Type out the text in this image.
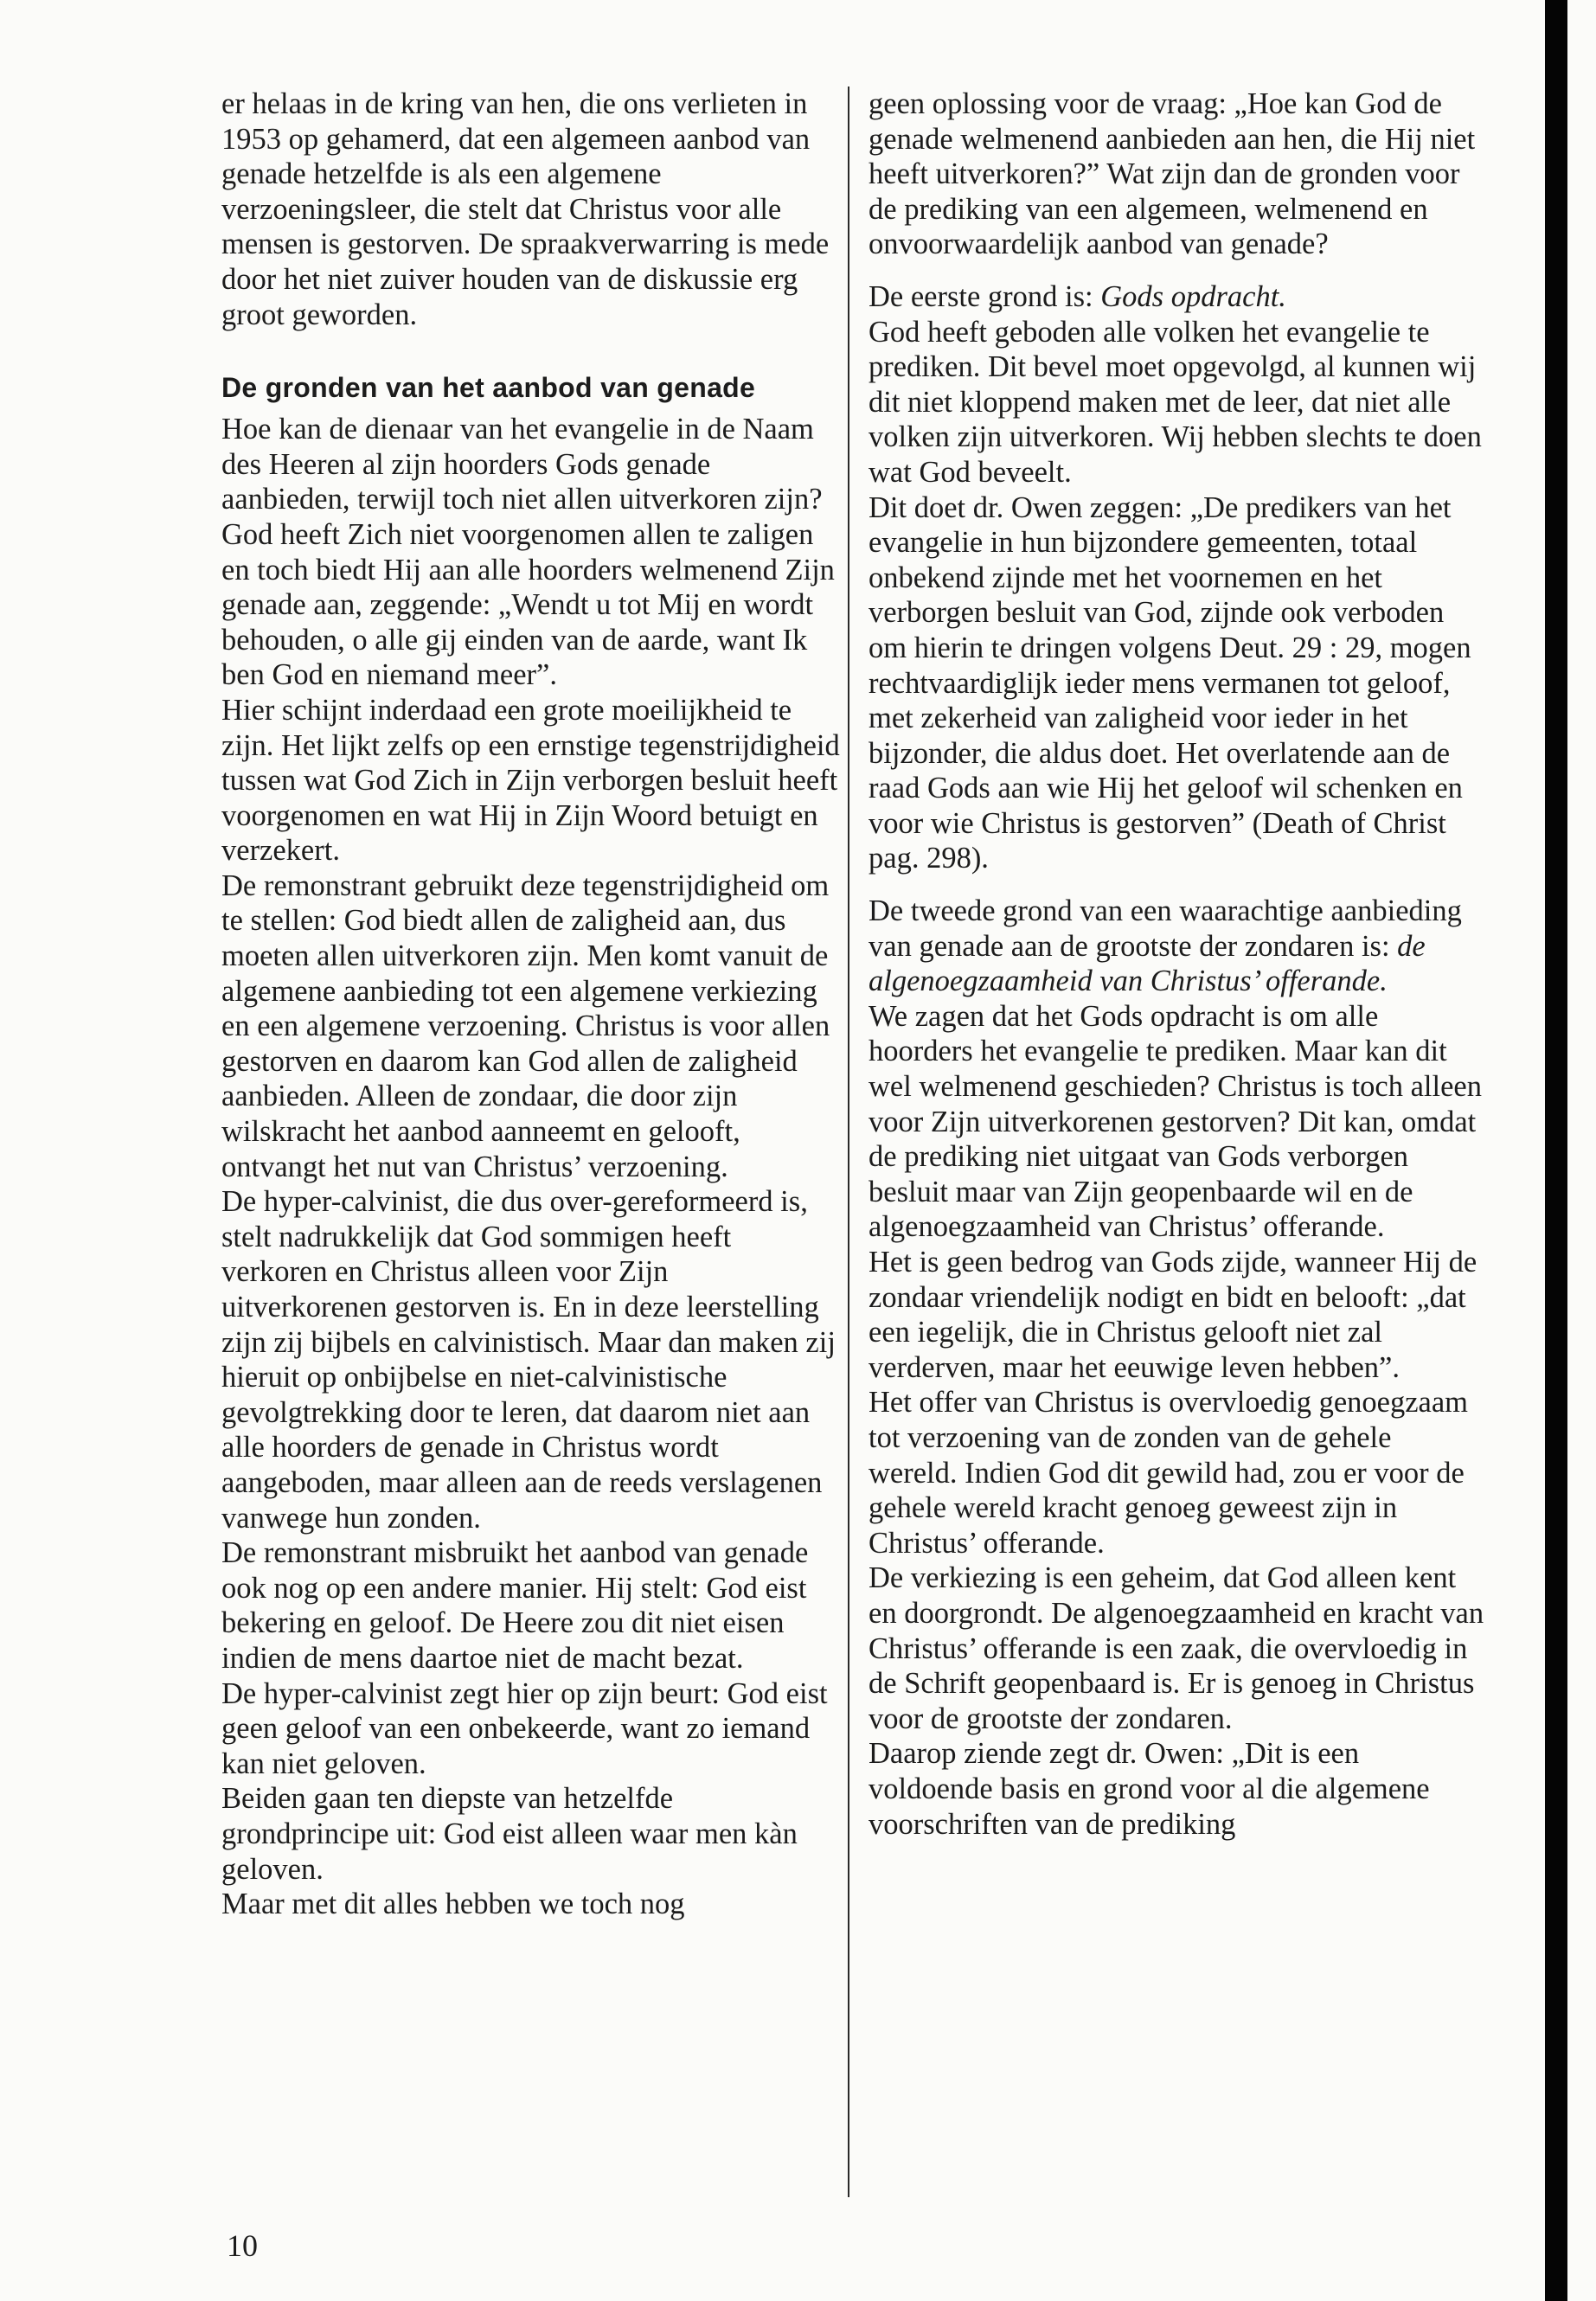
er helaas in de kring van hen, die ons verlieten in 1953 op gehamerd, dat een algemeen aanbod van genade hetzelfde is als een algemene verzoeningsleer, die stelt dat Christus voor alle mensen is gestorven. De spraakverwarring is mede door het niet zuiver houden van de diskussie erg groot geworden.

De gronden van het aanbod van genade

Hoe kan de dienaar van het evangelie in de Naam des Heeren al zijn hoorders Gods genade aanbieden, terwijl toch niet allen uitverkoren zijn? God heeft Zich niet voorgenomen allen te zaligen en toch biedt Hij aan alle hoorders welmenend Zijn genade aan, zeggende: „Wendt u tot Mij en wordt behouden, o alle gij einden van de aarde, want Ik ben God en niemand meer”.

Hier schijnt inderdaad een grote moeilijkheid te zijn. Het lijkt zelfs op een ernstige tegenstrijdigheid tussen wat God Zich in Zijn verborgen besluit heeft voorgenomen en wat Hij in Zijn Woord betuigt en verzekert.

De remonstrant gebruikt deze tegenstrijdigheid om te stellen: God biedt allen de zaligheid aan, dus moeten allen uitverkoren zijn. Men komt vanuit de algemene aanbieding tot een algemene verkiezing en een algemene verzoening. Christus is voor allen gestorven en daarom kan God allen de zaligheid aanbieden. Alleen de zondaar, die door zijn wilskracht het aanbod aanneemt en gelooft, ontvangt het nut van Christus’ verzoening.

De hyper-calvinist, die dus over-gereformeerd is, stelt nadrukkelijk dat God sommigen heeft verkoren en Christus alleen voor Zijn uitverkorenen gestorven is. En in deze leerstelling zijn zij bijbels en calvinistisch. Maar dan maken zij hieruit op onbijbelse en niet-calvinistische gevolgtrekking door te leren, dat daarom niet aan alle hoorders de genade in Christus wordt aangeboden, maar alleen aan de reeds verslagenen vanwege hun zonden.

De remonstrant misbruikt het aanbod van genade ook nog op een andere manier. Hij stelt: God eist bekering en geloof. De Heere zou dit niet eisen indien de mens daartoe niet de macht bezat.

De hyper-calvinist zegt hier op zijn beurt: God eist geen geloof van een onbekeerde, want zo iemand kan niet geloven.

Beiden gaan ten diepste van hetzelfde grondprincipe uit: God eist alleen waar men kàn geloven.

Maar met dit alles hebben we toch nog

geen oplossing voor de vraag: „Hoe kan God de genade welmenend aanbieden aan hen, die Hij niet heeft uitverkoren?” Wat zijn dan de gronden voor de prediking van een algemeen, welmenend en onvoorwaardelijk aanbod van genade?

De eerste grond is: Gods opdracht.

God heeft geboden alle volken het evangelie te prediken. Dit bevel moet opgevolgd, al kunnen wij dit niet kloppend maken met de leer, dat niet alle volken zijn uitverkoren. Wij hebben slechts te doen wat God beveelt.

Dit doet dr. Owen zeggen: „De predikers van het evangelie in hun bijzondere gemeenten, totaal onbekend zijnde met het voornemen en het verborgen besluit van God, zijnde ook verboden om hierin te dringen volgens Deut. 29 : 29, mogen rechtvaardiglijk ieder mens vermanen tot geloof, met zekerheid van zaligheid voor ieder in het bijzonder, die aldus doet. Het overlatende aan de raad Gods aan wie Hij het geloof wil schenken en voor wie Christus is gestorven” (Death of Christ pag. 298).

De tweede grond van een waarachtige aanbieding van genade aan de grootste der zondaren is: de algenoegzaamheid van Christus’ offerande.

We zagen dat het Gods opdracht is om alle hoorders het evangelie te prediken. Maar kan dit wel welmenend geschieden? Christus is toch alleen voor Zijn uitverkorenen gestorven? Dit kan, omdat de prediking niet uitgaat van Gods verborgen besluit maar van Zijn geopenbaarde wil en de algenoegzaamheid van Christus’ offerande.

Het is geen bedrog van Gods zijde, wanneer Hij de zondaar vriendelijk nodigt en bidt en belooft: „dat een iegelijk, die in Christus gelooft niet zal verderven, maar het eeuwige leven hebben”.

Het offer van Christus is overvloedig genoegzaam tot verzoening van de zonden van de gehele wereld. Indien God dit gewild had, zou er voor de gehele wereld kracht genoeg geweest zijn in Christus’ offerande.

De verkiezing is een geheim, dat God alleen kent en doorgrondt. De algenoegzaamheid en kracht van Christus’ offerande is een zaak, die overvloedig in de Schrift geopenbaard is. Er is genoeg in Christus voor de grootste der zondaren.

Daarop ziende zegt dr. Owen: „Dit is een voldoende basis en grond voor al die algemene voorschriften van de prediking

10
